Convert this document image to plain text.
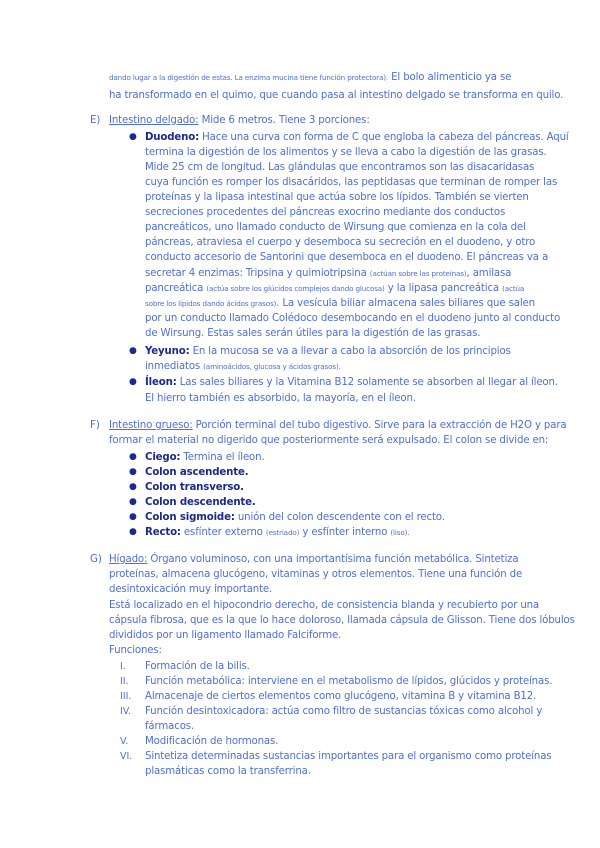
dando lugar a la digestión de estas. La enzima mucina tiene función protectora). El bolo alimenticio ya se
ha transformado en el quimo, que cuando pasa al intestino delgado se transforma en quilo.
E) Intestino delgado: Mide 6 metros. Tiene 3 porciones:
● Duodeno: Hace una curva con forma de C que engloba la cabeza del páncreas. Aquí
termina la digestión de los alimentos y se lleva a cabo la digestión de las grasas.
Mide 25 cm de longitud. Las glándulas que encontramos son las disacaridasas
cuya función es romper los disacáridos, las peptidasas que terminan de romper las
proteínas y la lipasa intestinal que actúa sobre los lípidos. También se vierten
secreciones procedentes del páncreas exocrino mediante dos conductos
pancreáticos, uno llamado conducto de Wirsung que comienza en la cola del
páncreas, atraviesa el cuerpo y desemboca su secreción en el duodeno, y otro
conducto accesorio de Santorini que desemboca en el duodeno. El páncreas va a
secretar 4 enzimas: Tripsina y quimiotripsina (actúan sobre las proteínas), amilasa
pancreática (actúa sobre los glúcidos complejos dando glucosa) y la lipasa pancreática (actúa
sobre los lípidos dando ácidos grasos). La vesícula biliar almacena sales biliares que salen
por un conducto llamado Colédoco desembocando en el duodeno junto al conducto
de Wirsung. Estas sales serán útiles para la digestión de las grasas.
● Yeyuno: En la mucosa se va a llevar a cabo la absorción de los principios
inmediatos (aminoácidos, glucosa y ácidos grasos).
● Íleon: Las sales biliares y la Vitamina B12 solamente se absorben al llegar al íleon.
El hierro también es absorbido, la mayoría, en el íleon.
F) Intestino grueso: Porción terminal del tubo digestivo. Sirve para la extracción de H2O y para
formar el material no digerido que posteriormente será expulsado. El colon se divide en:
● Ciego: Termina el íleon.
● Colon ascendente.
● Colon transverso.
● Colon descendente.
● Colon sigmoide: unión del colon descendente con el recto.
● Recto: esfínter externo (estriado) y esfínter interno (liso).
G) Hígado: Órgano voluminoso, con una importantísima función metabólica. Sintetiza
proteínas, almacena glucógeno, vitaminas y otros elementos. Tiene una función de
desintoxicación muy importante.
Está localizado en el hipocondrio derecho, de consistencia blanda y recubierto por una
cápsula fibrosa, que es la que lo hace doloroso, llamada cápsula de Glisson. Tiene dos lóbulos
divididos por un ligamento llamado Falciforme.
Funciones:
I. Formación de la bilis.
II. Función metabólica: interviene en el metabolismo de lípidos, glúcidos y proteínas.
III. Almacenaje de ciertos elementos como glucógeno, vitamina B y vitamina B12.
IV. Función desintoxicadora: actúa como filtro de sustancias tóxicas como alcohol y
fármacos.
V. Modificación de hormonas.
VI. Sintetiza determinadas sustancias importantes para el organismo como proteínas
plasmáticas como la transferrina.
